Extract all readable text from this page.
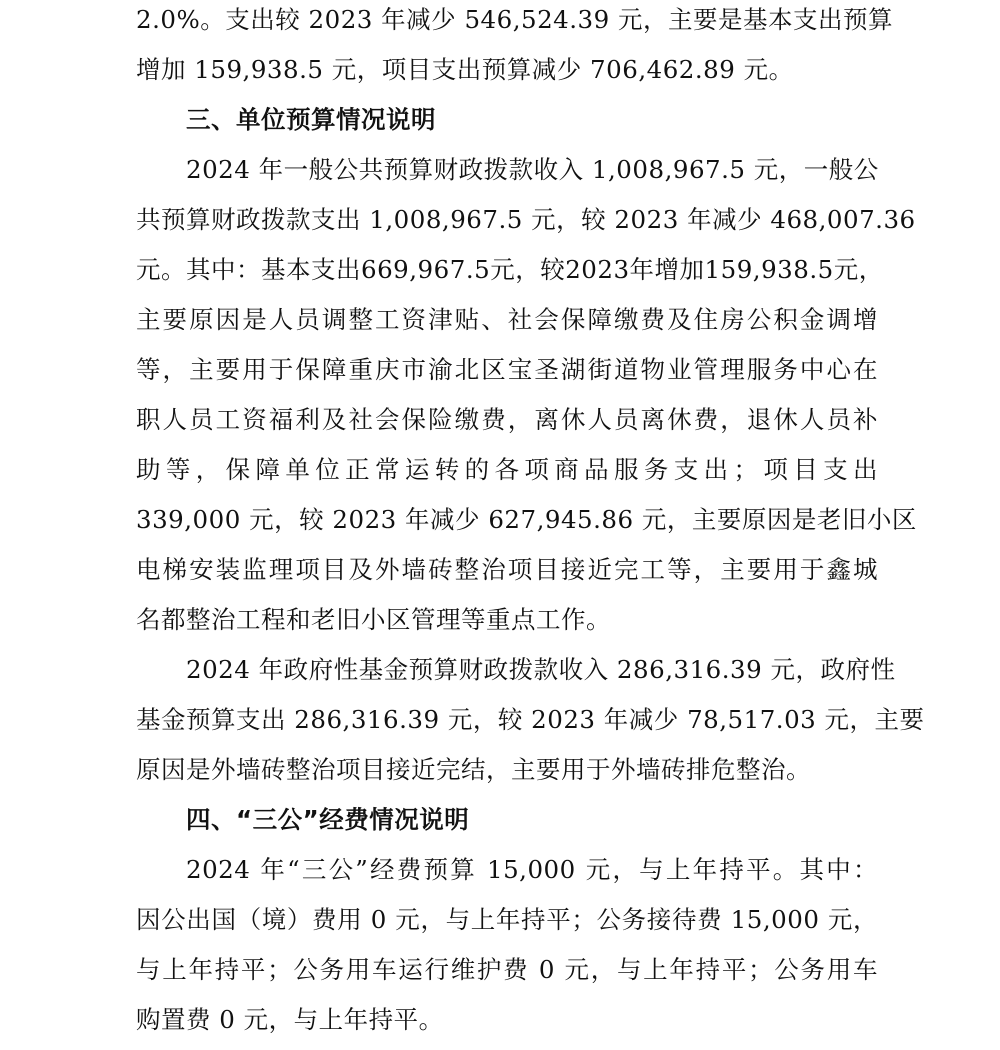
2.0%。支出较 2023 年减少 546,524.39 元，主要是基本支出预算
增加 159,938.5 元，项目支出预算减少 706,462.89 元。
三、单位预算情况说明
2024 年一般公共预算财政拨款收入 1,008,967.5 元，一般公
共预算财政拨款支出 1,008,967.5 元，较 2023 年减少 468,007.36
元。其中：基本支出669,967.5元，较2023年增加159,938.5元，
主要原因是人员调整工资津贴、社会保障缴费及住房公积金调增
等，主要用于保障重庆市渝北区宝圣湖街道物业管理服务中心在
职人员工资福利及社会保险缴费，离休人员离休费，退休人员补
助等，保障单位正常运转的各项商品服务支出；项目支出
339,000 元，较 2023 年减少 627,945.86 元，主要原因是老旧小区
电梯安装监理项目及外墙砖整治项目接近完工等，主要用于鑫城
名都整治工程和老旧小区管理等重点工作。
2024 年政府性基金预算财政拨款收入 286,316.39 元，政府性
基金预算支出 286,316.39 元，较 2023 年减少 78,517.03 元，主要
原因是外墙砖整治项目接近完结，主要用于外墙砖排危整治。
四、“三公”经费情况说明
2024 年“三公”经费预算 15,000 元，与上年持平。其中：
因公出国（境）费用 0 元，与上年持平；公务接待费 15,000 元，
与上年持平；公务用车运行维护费 0 元，与上年持平；公务用车
购置费 0 元，与上年持平。
